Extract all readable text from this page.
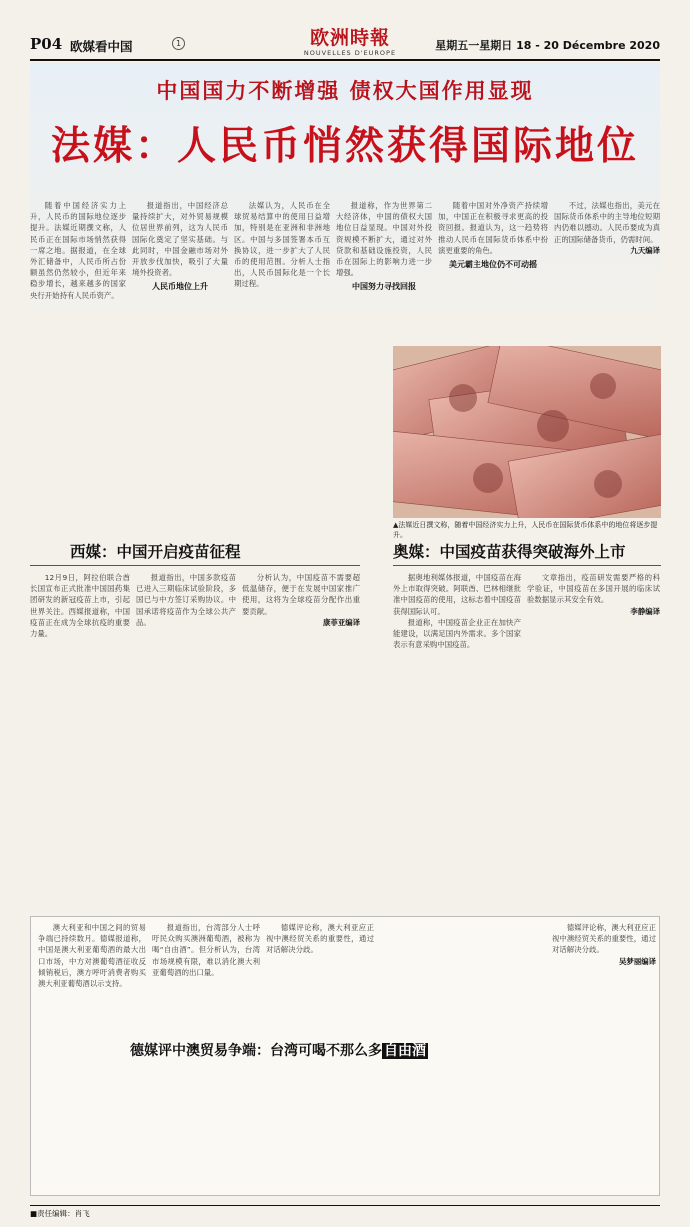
P04 欧媒看中国	1	欧洲時報
NOUVELLES D'EUROPE
星期五一星期日 18 - 20 Décembre 2020
中国国力不断增强 债权大国作用显现
法媒：人民币悄然获得国际地位

随着中国经济实力上升，人民币的国际地位逐步提升。法媒近期撰文称，人民币正在国际市场悄然获得一席之地。据报道，在全球外汇储备中，人民币所占份额虽然仍然较小，但近年来稳步增长，越来越多的国家央行开始持有人民币资产。

报道指出，中国经济总量持续扩大，对外贸易规模位居世界前列，这为人民币国际化奠定了坚实基础。与此同时，中国金融市场对外开放步伐加快，吸引了大量境外投资者。

人民币地位上升

法媒认为，人民币在全球贸易结算中的使用日益增加，特别是在亚洲和非洲地区。中国与多国签署本币互换协议，进一步扩大了人民币的使用范围。分析人士指出，人民币国际化是一个长期过程。

报道称，作为世界第二大经济体，中国的债权大国地位日益显现。中国对外投资规模不断扩大，通过对外贷款和基础设施投资，人民币在国际上的影响力进一步增强。

中国努力寻找回报

随着中国对外净资产持续增加，中国正在积极寻求更高的投资回报。报道认为，这一趋势将推动人民币在国际货币体系中扮演更重要的角色。

美元霸主地位仍不可动摇

不过，法媒也指出，美元在国际货币体系中的主导地位短期内仍难以撼动。人民币要成为真正的国际储备货币，仍需时间。

九天编译
▲法媒近日撰文称，随着中国经济实力上升，人民币在国际货币体系中的地位将逐步提升。
西媒：中国开启疫苗征程

12月9日，阿拉伯联合酋长国宣布正式批准中国国药集团研发的新冠疫苗上市，引起世界关注。西媒报道称，中国疫苗正在成为全球抗疫的重要力量。

报道指出，中国多款疫苗已进入三期临床试验阶段，多国已与中方签订采购协议。中国承诺将疫苗作为全球公共产品。

分析认为，中国疫苗不需要超低温储存，便于在发展中国家推广使用，这将为全球疫苗分配作出重要贡献。

康菲亚编译
奥媒：中国疫苗获得突破海外上市

据奥地利媒体报道，中国疫苗在海外上市取得突破。阿联酋、巴林相继批准中国疫苗的使用，这标志着中国疫苗获得国际认可。

报道称，中国疫苗企业正在加快产能建设，以满足国内外需求。多个国家表示有意采购中国疫苗。

文章指出，疫苗研发需要严格的科学验证，中国疫苗在多国开展的临床试验数据显示其安全有效。

李静编译

澳大利亚和中国之间的贸易争端已持续数月。德媒报道称，中国是澳大利亚葡萄酒的最大出口市场，中方对澳葡萄酒征收反倾销税后，澳方呼吁消费者购买澳大利亚葡萄酒以示支持。

报道指出，台湾部分人士呼吁民众购买澳洲葡萄酒，被称为喝“自由酒”。但分析认为，台湾市场规模有限，难以消化澳大利亚葡萄酒的出口量。

德媒评论称，澳大利亚应正视中澳经贸关系的重要性，通过对话解决分歧。

德媒评中澳贸易争端：台湾可喝不那么多 自由酒

德媒评论称，澳大利亚应正视中澳经贸关系的重要性，通过对话解决分歧。

吴梦丽编译
■责任编辑：肖飞
